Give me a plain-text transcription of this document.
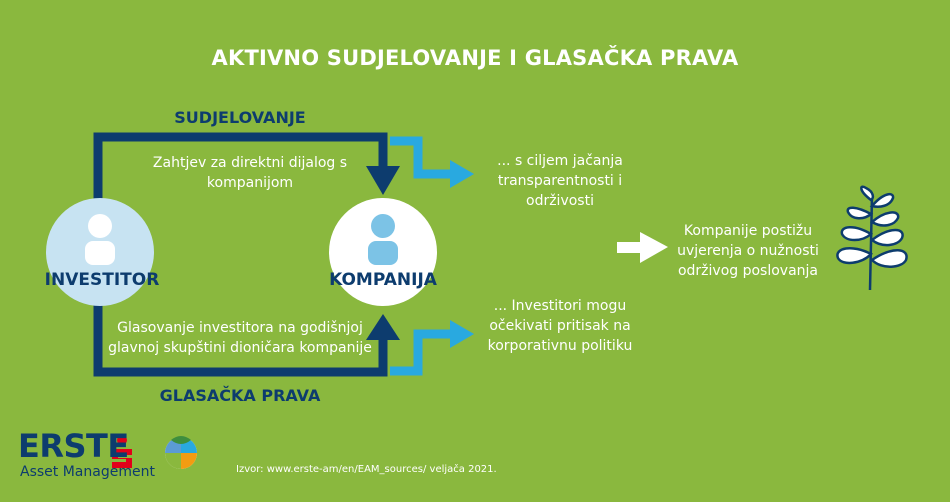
AKTIVNO SUDJELOVANJE I GLASAČKA PRAVA
SUDJELOVANJE
Zahtjev za direktni dijalog s kompanijom
Glasovanje investitora na godišnjoj glavnoj skupštini dioničara kompanije
GLASAČKA PRAVA
INVESTITOR	KOMPANIJA
... s ciljem jačanja transparentnosti i održivosti
... Investitori mogu očekivati pritisak na korporativnu politiku
Kompanije postižu uvjerenja o nužnosti održivog poslovanja
ERSTE
Asset Management	Izvor: www.erste-am/en/EAM_sources/ veljača 2021.
